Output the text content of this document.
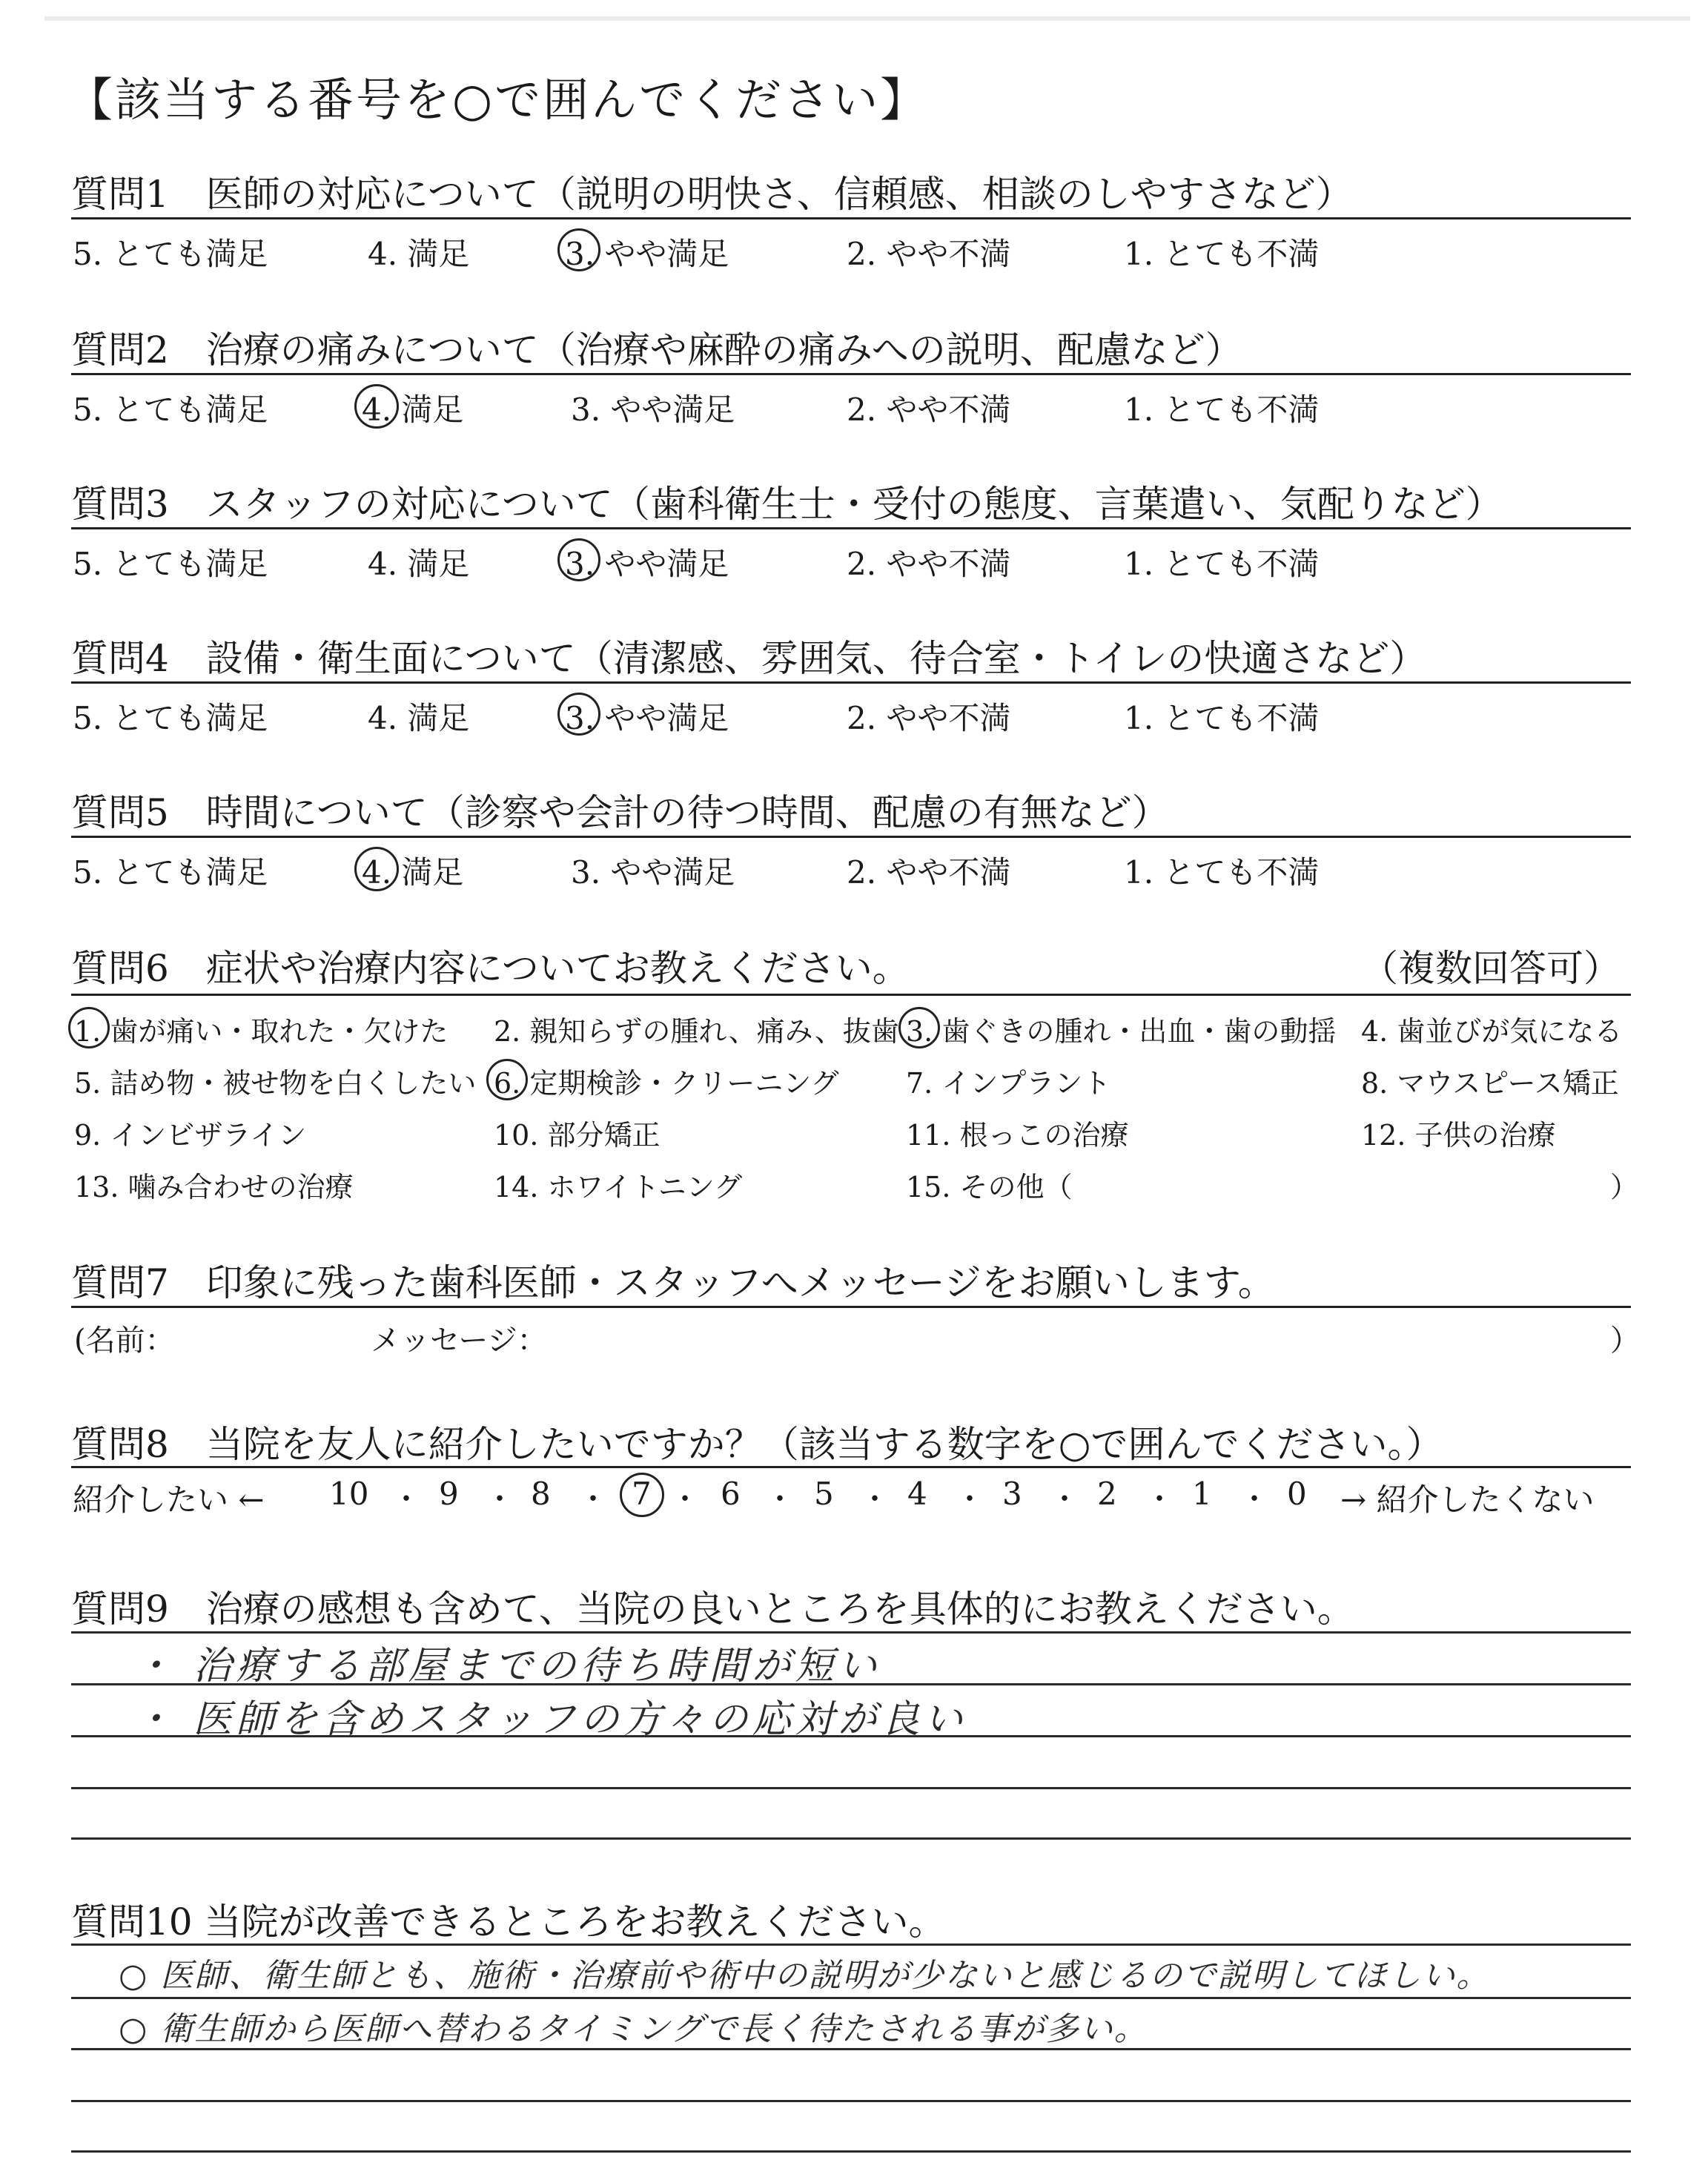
【該当する番号を○で囲んでください】
質問1　医師の対応について（説明の明快さ、信頼感、相談のしやすさなど）
5. とても満足	4. 満足	3. やや満足	2. やや不満	1. とても不満
質問2　治療の痛みについて（治療や麻酔の痛みへの説明、配慮など）
5. とても満足	4. 満足	3. やや満足	2. やや不満	1. とても不満
質問3　スタッフの対応について（歯科衛生士・受付の態度、言葉遣い、気配りなど）
5. とても満足	4. 満足	3. やや満足	2. やや不満	1. とても不満
質問4　設備・衛生面について（清潔感、雰囲気、待合室・トイレの快適さなど）
5. とても満足	4. 満足	3. やや満足	2. やや不満	1. とても不満
質問5　時間について（診察や会計の待つ時間、配慮の有無など）
5. とても満足	4. 満足	3. やや満足	2. やや不満	1. とても不満
質問6　症状や治療内容についてお教えください。	（複数回答可）
1. 歯が痛い・取れた・欠けた 2. 親知らずの腫れ、痛み、抜歯 3. 歯ぐきの腫れ・出血・歯の動揺 4. 歯並びが気になる
5. 詰め物・被せ物を白くしたい 6. 定期検診・クリーニング 7. インプラント	8. マウスピース矯正
9. インビザライン	10. 部分矯正	11. 根っこの治療	12. 子供の治療
13. 噛み合わせの治療	14. ホワイトニング	15. その他（	）
質問7　印象に残った歯科医師・スタッフへメッセージをお願いします。
(名前：	メッセージ：	）
質問8　当院を友人に紹介したいですか？（該当する数字を○で囲んでください。）
紹介したい ← 10 ・ 9 ・ 8 ・ 7 ・ 6 ・ 5 ・ 4 ・ 3 ・ 2 ・ 1 ・ 0 → 紹介したくない
質問9　治療の感想も含めて、当院の良いところを具体的にお教えください。
・ 治療する部屋までの待ち時間が短い
・ 医師を含めスタッフの方々の応対が良い
質問10 当院が改善できるところをお教えください。
○ 医師、衛生師とも、施術・治療前や術中の説明が少ないと感じるので説明してほしい。
○ 衛生師から医師へ替わるタイミングで長く待たされる事が多い。
